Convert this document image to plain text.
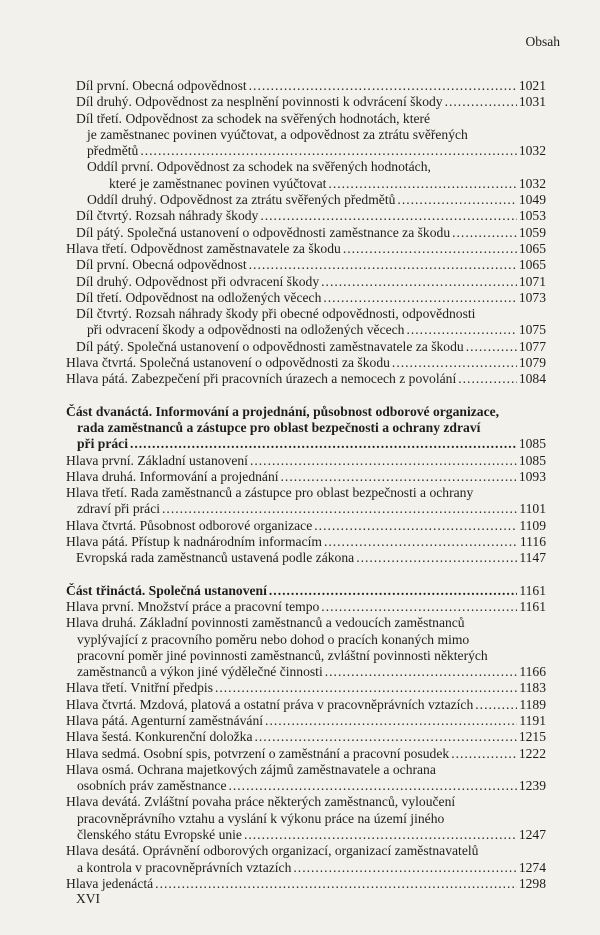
Obsah
Díl první. Obecná odpovědnost .....	1021
Díl druhý. Odpovědnost za nesplnění povinnosti k odvrácení škody .....	1031
Díl třetí. Odpovědnost za schodek na svěřených hodnotách, které
je zaměstnanec povinen vyúčtovat, a odpovědnost za ztrátu svěřených
předmětů .....	1032
Oddíl první. Odpovědnost za schodek na svěřených hodnotách,
které je zaměstnanec povinen vyúčtovat .....	1032
Oddíl druhý. Odpovědnost za ztrátu svěřených předmětů .....	1049
Díl čtvrtý. Rozsah náhrady škody .....	1053
Díl pátý. Společná ustanovení o odpovědnosti zaměstnance za škodu .....	1059
Hlava třetí. Odpovědnost zaměstnavatele za škodu .....	1065
Díl první. Obecná odpovědnost .....	1065
Díl druhý. Odpovědnost při odvracení škody .....	1071
Díl třetí. Odpovědnost na odložených věcech .....	1073
Díl čtvrtý. Rozsah náhrady škody při obecné odpovědnosti, odpovědnosti
při odvracení škody a odpovědnosti na odložených věcech .....	1075
Díl pátý. Společná ustanovení o odpovědnosti zaměstnavatele za škodu .....	1077
Hlava čtvrtá. Společná ustanovení o odpovědnosti za škodu .....	1079
Hlava pátá. Zabezpečení při pracovních úrazech a nemocech z povolání .....	1084
Část dvanáctá. Informování a projednání, působnost odborové organizace,
rada zaměstnanců a zástupce pro oblast bezpečnosti a ochrany zdraví
při práci .....	1085
Hlava první. Základní ustanovení .....	1085
Hlava druhá. Informování a projednání .....	1093
Hlava třetí. Rada zaměstnanců a zástupce pro oblast bezpečnosti a ochrany
zdraví při práci .....	1101
Hlava čtvrtá. Působnost odborové organizace .....	1109
Hlava pátá. Přístup k nadnárodním informacím .....	1116
Evropská rada zaměstnanců ustavená podle zákona .....	1147
Část třináctá. Společná ustanovení .....	1161
Hlava první. Množství práce a pracovní tempo .....	1161
Hlava druhá. Základní povinnosti zaměstnanců a vedoucích zaměstnanců
vyplývající z pracovního poměru nebo dohod o pracích konaných mimo
pracovní poměr jiné povinnosti zaměstnanců, zvláštní povinnosti některých
zaměstnanců a výkon jiné výdělečné činnosti .....	1166
Hlava třetí. Vnitřní předpis .....	1183
Hlava čtvrtá. Mzdová, platová a ostatní práva v pracovněprávních vztazích .....	1189
Hlava pátá. Agenturní zaměstnávání .....	1191
Hlava šestá. Konkurenční doložka .....	1215
Hlava sedmá. Osobní spis, potvrzení o zaměstnání a pracovní posudek .....	1222
Hlava osmá. Ochrana majetkových zájmů zaměstnavatele a ochrana
osobních práv zaměstnance .....	1239
Hlava devátá. Zvláštní povaha práce některých zaměstnanců, vyloučení
pracovněprávního vztahu a vyslání k výkonu práce na území jiného
členského státu Evropské unie .....	1247
Hlava desátá. Oprávnění odborových organizací, organizací zaměstnavatelů
a kontrola v pracovněprávních vztazích .....	1274
Hlava jedenáctá .....	1298
XVI
